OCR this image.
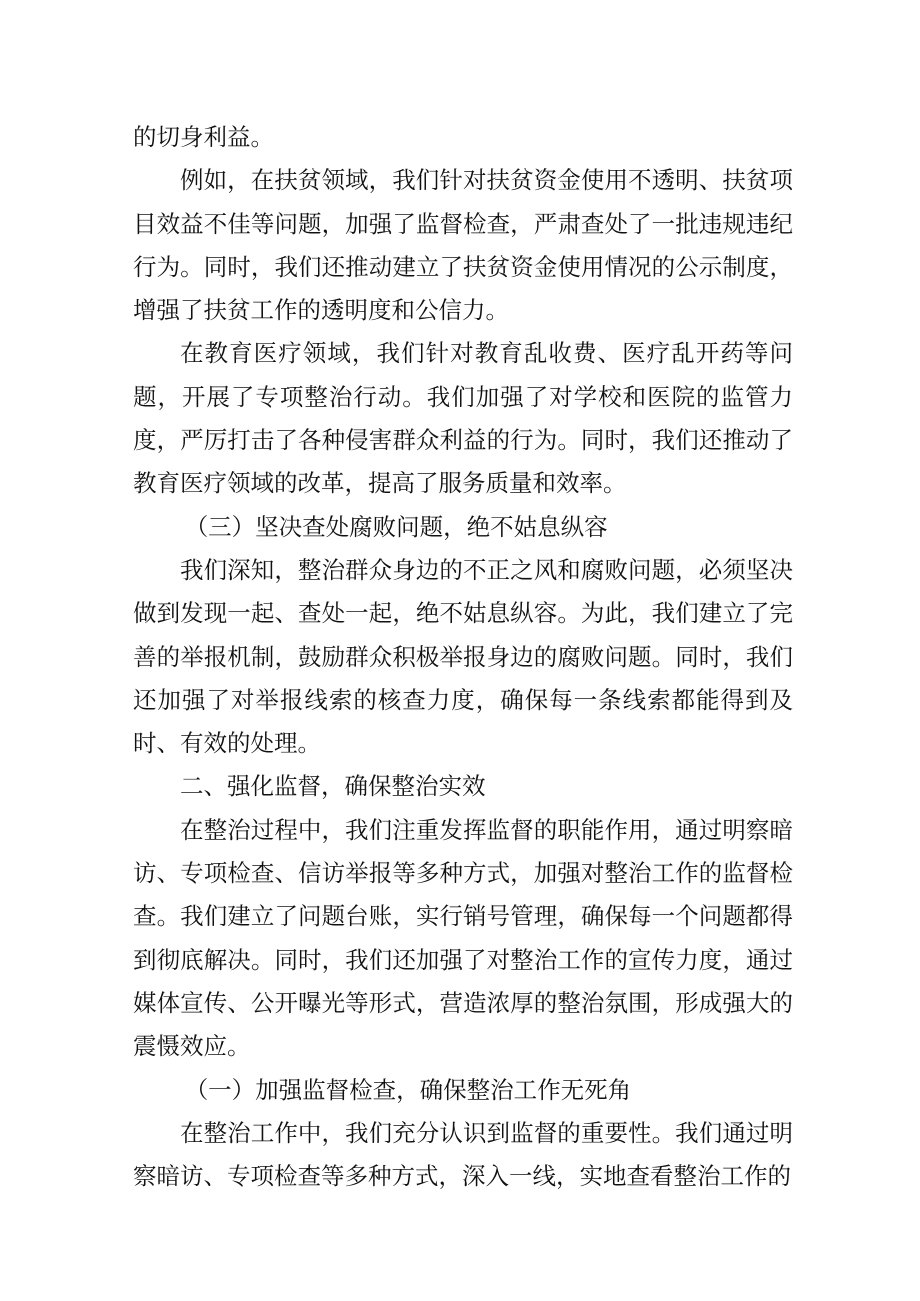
的切身利益。

例如，在扶贫领域，我们针对扶贫资金使用不透明、扶贫项目效益不佳等问题，加强了监督检查，严肃查处了一批违规违纪行为。同时，我们还推动建立了扶贫资金使用情况的公示制度，增强了扶贫工作的透明度和公信力。

在教育医疗领域，我们针对教育乱收费、医疗乱开药等问题，开展了专项整治行动。我们加强了对学校和医院的监管力度，严厉打击了各种侵害群众利益的行为。同时，我们还推动了教育医疗领域的改革，提高了服务质量和效率。

（三）坚决查处腐败问题，绝不姑息纵容

我们深知，整治群众身边的不正之风和腐败问题，必须坚决做到发现一起、查处一起，绝不姑息纵容。为此，我们建立了完善的举报机制，鼓励群众积极举报身边的腐败问题。同时，我们还加强了对举报线索的核查力度，确保每一条线索都能得到及时、有效的处理。

二、强化监督，确保整治实效

在整治过程中，我们注重发挥监督的职能作用，通过明察暗访、专项检查、信访举报等多种方式，加强对整治工作的监督检查。我们建立了问题台账，实行销号管理，确保每一个问题都得到彻底解决。同时，我们还加强了对整治工作的宣传力度，通过媒体宣传、公开曝光等形式，营造浓厚的整治氛围，形成强大的震慑效应。

（一）加强监督检查，确保整治工作无死角

在整治工作中，我们充分认识到监督的重要性。我们通过明察暗访、专项检查等多种方式，深入一线，实地查看整治工作的
